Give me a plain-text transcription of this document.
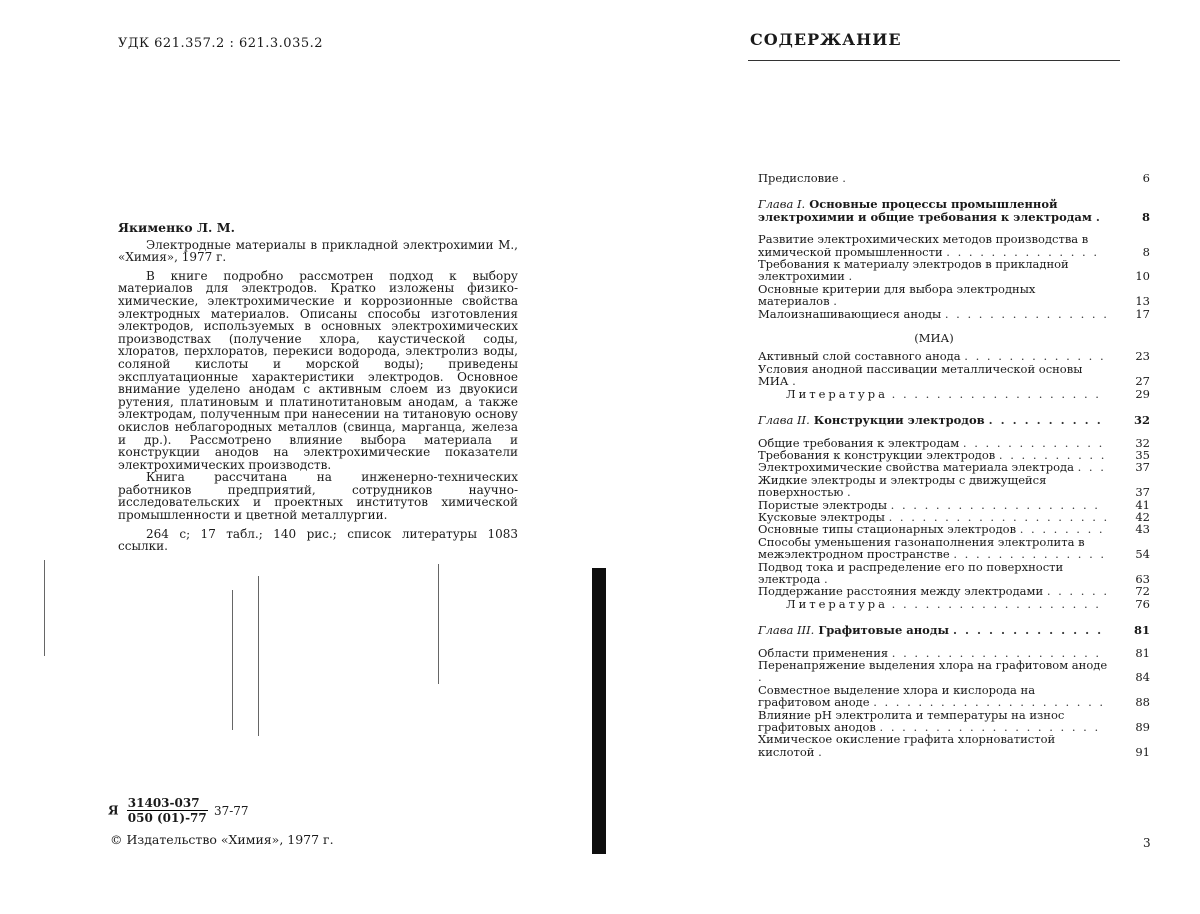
УДК 621.357.2 : 621.3.035.2
Якименко Л. М.

Электродные материалы в прикладной электрохимии М., «Химия», 1977 г.

В книге подробно рассмотрен подход к выбору материалов для электродов. Кратко изложены физико-химические, электрохимические и коррозионные свойства электродных материалов. Описаны способы изготовления электродов, используемых в основных электрохимических производствах (получение хлора, каустической соды, хлоратов, перхлоратов, перекиси водорода, электролиз воды, соляной кислоты и морской воды); приведены эксплуатационные характеристики электродов. Основное внимание уделено анодам с активным слоем из двуокиси рутения, платиновым и платинотитановым анодам, а также электродам, полученным при нанесении на титановую основу окислов неблагородных металлов (свинца, марганца, железа и др.). Рассмотрено влияние выбора материала и конструкции анодов на электрохимические показатели электрохимических производств.

Книга рассчитана на инженерно-технических работников предприятий, сотрудников научно-исследовательских и проектных институтов химической промышленности и цветной металлургии.

264 с; 17 табл.; 140 рис.; список литературы 1083 ссылки.

Я $\frac{31403-037}{050 (01)-77} 37-77$
© Издательство «Химия», 1977 г.
СОДЕРЖАНИЕ
Предисловие .	6
Глава I. Основные процессы промышленной электрохимии и общие требования к электродам .	8
Развитие электрохимических методов производства в химической промышленности . . . . . . . . . . . . . .	8
Требования к материалу электродов в прикладной электрохимии .	10
Основные критерии для выбора электродных материалов .	13
Малоизнашивающиеся аноды . . . . . . . . . . . . . . . 17
(МИА)
Активный слой составного анода . . . . . . . . . . . . .	23
Условия анодной пассивации металлической основы МИА .	27
Литература . . . . . . . . . . . . . . . . . . .	29
Глава II. Конструкции электродов . . . . . . . . . .	32
Общие требования к электродам . . . . . . . . . . . . .	32
Требования к конструкции электродов . . . . . . . . . .	35
Электрохимические свойства материала электрода . . .	37
Жидкие электроды и электроды с движущейся поверхностью .	37
Пористые электроды . . . . . . . . . . . . . . . . . . .	41
Кусковые электроды . . . . . . . . . . . . . . . . . . . . 42
Основные типы стационарных электродов . . . . . . . .	43
Способы уменьшения газонаполнения электролита в межэлектродном пространстве . . . . . . . . . . . . . .	54
Подвод тока и распределение его по поверхности электрода .	63
Поддержание расстояния между электродами . . . . . . 72
Литература . . . . . . . . . . . . . . . . . . .	76
Глава III. Графитовые аноды . . . . . . . . . . . . .	81
Области применения . . . . . . . . . . . . . . . . . . .	81
Перенапряжение выделения хлора на графитовом аноде .	84
Совместное выделение хлора и кислорода на графитовом аноде . . . . . . . . . . . . . . . . . . . . .	88
Влияние pH электролита и температуры на износ графитовых анодов . . . . . . . . . . . . . . . . . . . .	89
Химическое окисление графита хлорноватистой кислотой .	91
3
